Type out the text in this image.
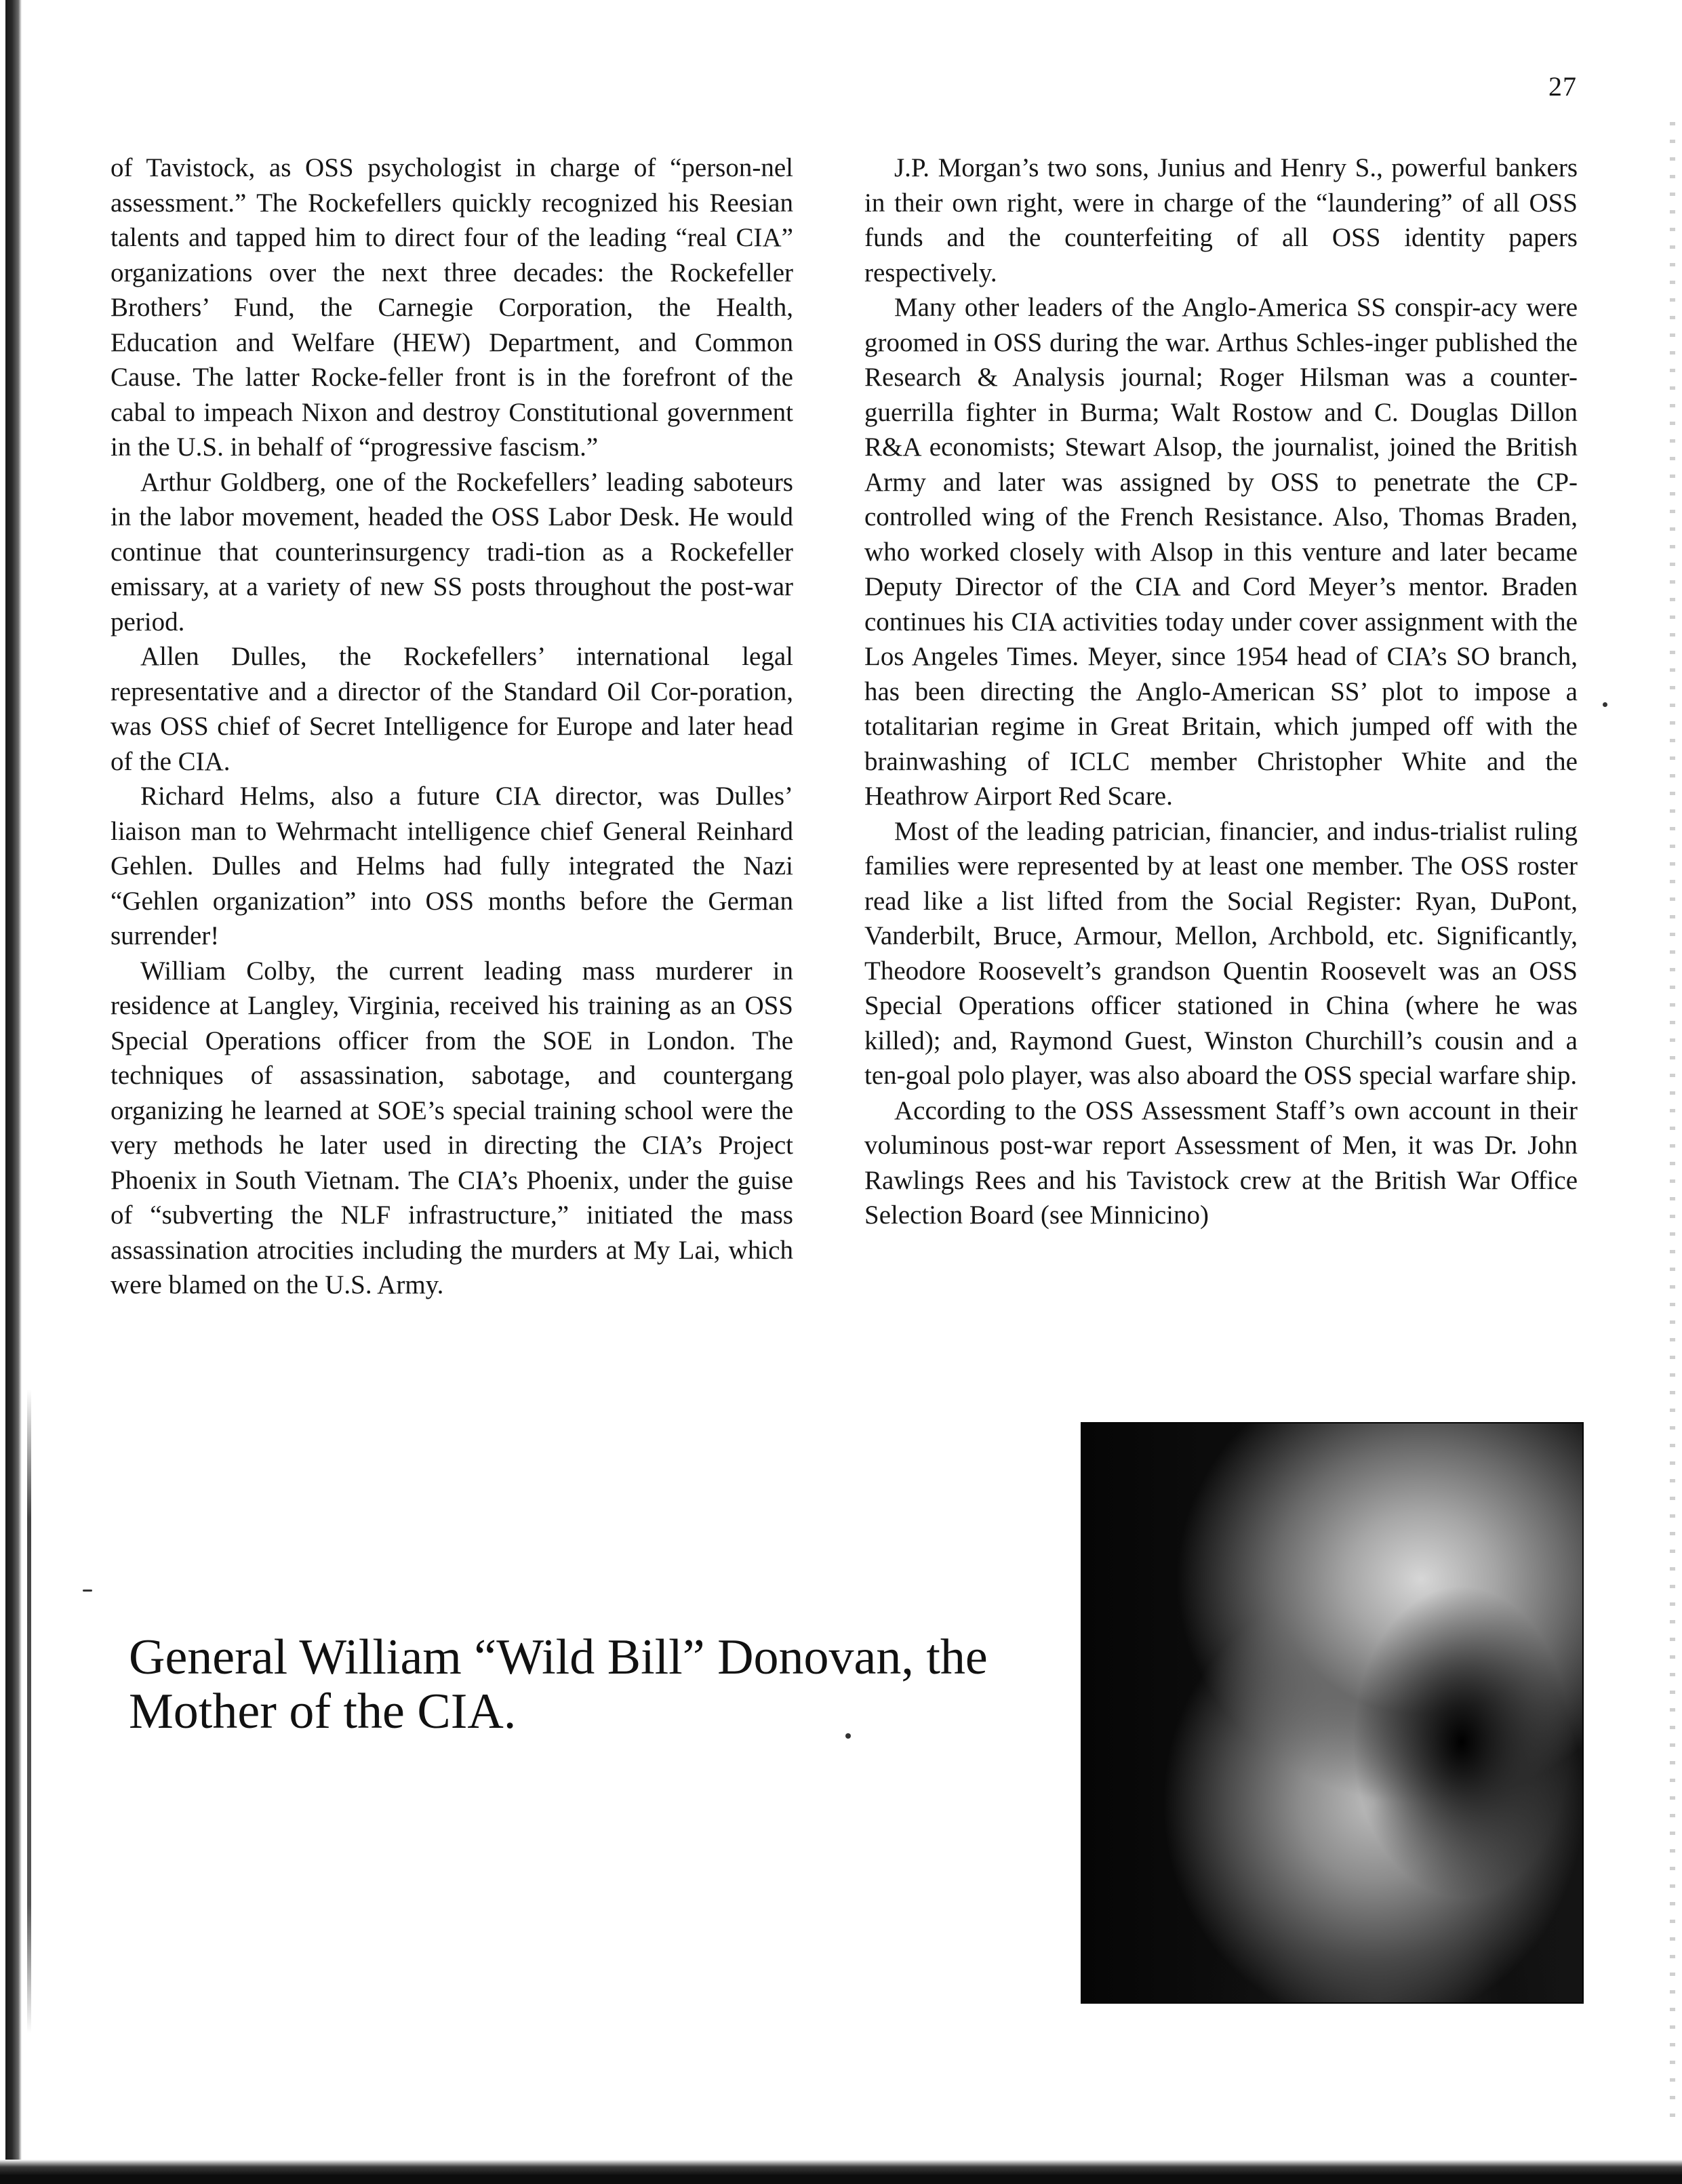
27

of Tavistock, as OSS psychologist in charge of “person-nel assessment.” The Rockefellers quickly recognized his Reesian talents and tapped him to direct four of the leading “real CIA” organizations over the next three decades: the Rockefeller Brothers’ Fund, the Carnegie Corporation, the Health, Education and Welfare (HEW) Department, and Common Cause. The latter Rocke-feller front is in the forefront of the cabal to impeach Nixon and destroy Constitutional government in the U.S. in behalf of “progressive fascism.”

Arthur Goldberg, one of the Rockefellers’ leading saboteurs in the labor movement, headed the OSS Labor Desk. He would continue that counterinsurgency tradi-tion as a Rockefeller emissary, at a variety of new SS posts throughout the post-war period.

Allen Dulles, the Rockefellers’ international legal representative and a director of the Standard Oil Cor-poration, was OSS chief of Secret Intelligence for Europe and later head of the CIA.

Richard Helms, also a future CIA director, was Dulles’ liaison man to Wehrmacht intelligence chief General Reinhard Gehlen. Dulles and Helms had fully integrated the Nazi “Gehlen organization” into OSS months before the German surrender!

William Colby, the current leading mass murderer in residence at Langley, Virginia, received his training as an OSS Special Operations officer from the SOE in London. The techniques of assassination, sabotage, and countergang organizing he learned at SOE’s special training school were the very methods he later used in directing the CIA’s Project Phoenix in South Vietnam. The CIA’s Phoenix, under the guise of “subverting the NLF infrastructure,” initiated the mass assassination atrocities including the murders at My Lai, which were blamed on the U.S. Army.

J.P. Morgan’s two sons, Junius and Henry S., powerful bankers in their own right, were in charge of the “laundering” of all OSS funds and the counterfeiting of all OSS identity papers respectively.

Many other leaders of the Anglo-America SS conspir-acy were groomed in OSS during the war. Arthus Schles-inger published the Research & Analysis journal; Roger Hilsman was a counter-guerrilla fighter in Burma; Walt Rostow and C. Douglas Dillon R&A economists; Stewart Alsop, the journalist, joined the British Army and later was assigned by OSS to penetrate the CP-controlled wing of the French Resistance. Also, Thomas Braden, who worked closely with Alsop in this venture and later became Deputy Director of the CIA and Cord Meyer’s mentor. Braden continues his CIA activities today under cover assignment with the Los Angeles Times. Meyer, since 1954 head of CIA’s SO branch, has been directing the Anglo-American SS’ plot to impose a totalitarian regime in Great Britain, which jumped off with the brainwashing of ICLC member Christopher White and the Heathrow Airport Red Scare.

Most of the leading patrician, financier, and indus-trialist ruling families were represented by at least one member. The OSS roster read like a list lifted from the Social Register: Ryan, DuPont, Vanderbilt, Bruce, Armour, Mellon, Archbold, etc. Significantly, Theodore Roosevelt’s grandson Quentin Roosevelt was an OSS Special Operations officer stationed in China (where he was killed); and, Raymond Guest, Winston Churchill’s cousin and a ten-goal polo player, was also aboard the OSS special warfare ship.

According to the OSS Assessment Staff’s own account in their voluminous post-war report Assessment of Men, it was Dr. John Rawlings Rees and his Tavistock crew at the British War Office Selection Board (see Minnicino)

General William “Wild Bill” Donovan, the Mother of the CIA.
